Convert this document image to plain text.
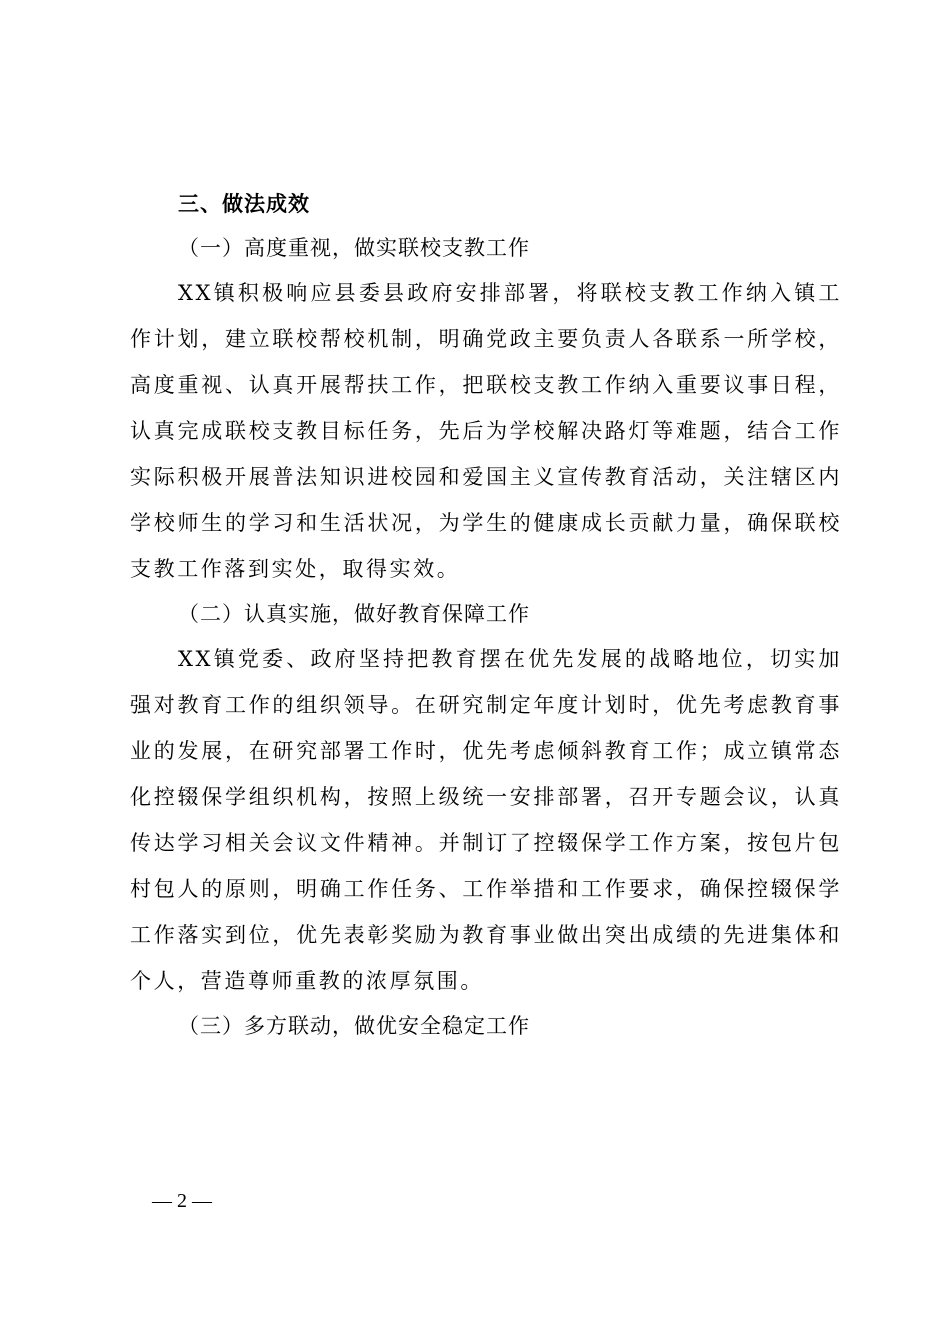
三、做法成效

（一）高度重视，做实联校支教工作

XX镇积极响应县委县政府安排部署，将联校支教工作纳入镇工作计划，建立联校帮校机制，明确党政主要负责人各联系一所学校，高度重视、认真开展帮扶工作，把联校支教工作纳入重要议事日程，认真完成联校支教目标任务，先后为学校解决路灯等难题，结合工作实际积极开展普法知识进校园和爱国主义宣传教育活动，关注辖区内学校师生的学习和生活状况，为学生的健康成长贡献力量，确保联校支教工作落到实处，取得实效。

（二）认真实施，做好教育保障工作

XX镇党委、政府坚持把教育摆在优先发展的战略地位，切实加强对教育工作的组织领导。在研究制定年度计划时，优先考虑教育事业的发展，在研究部署工作时，优先考虑倾斜教育工作；成立镇常态化控辍保学组织机构，按照上级统一安排部署，召开专题会议，认真传达学习相关会议文件精神。并制订了控辍保学工作方案，按包片包村包人的原则，明确工作任务、工作举措和工作要求，确保控辍保学工作落实到位，优先表彰奖励为教育事业做出突出成绩的先进集体和个人，营造尊师重教的浓厚氛围。

（三）多方联动，做优安全稳定工作

— 2 —
